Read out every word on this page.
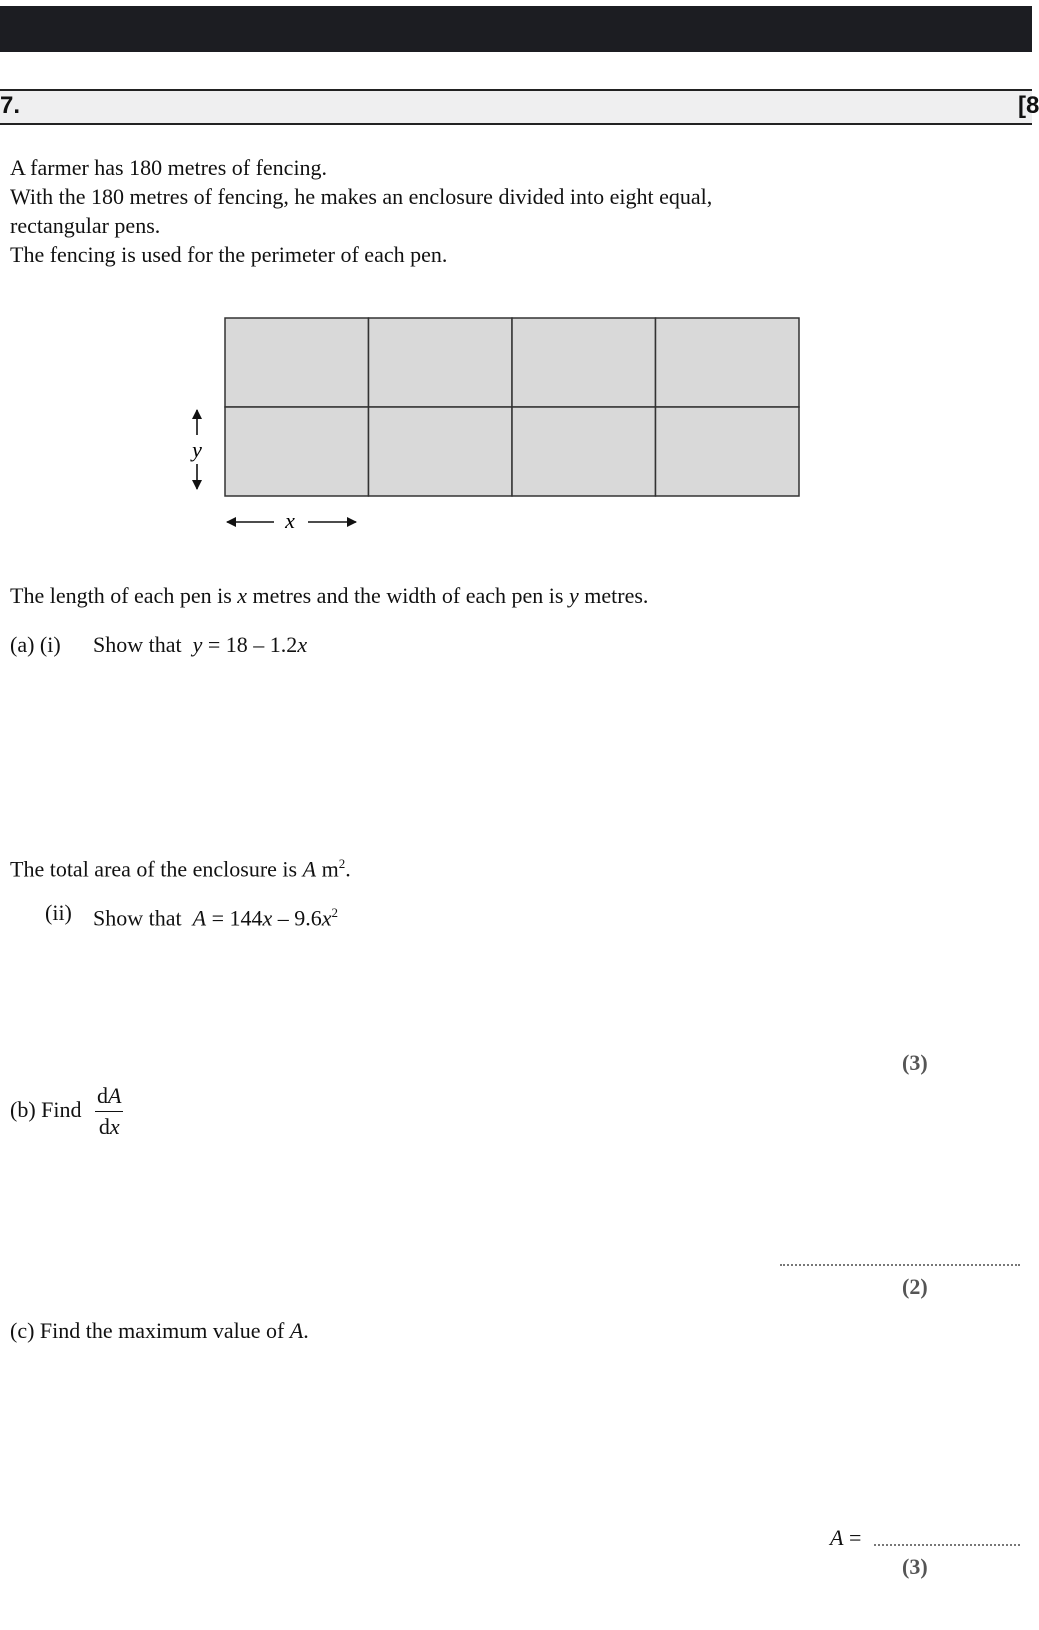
7.	[8
A farmer has 180 metres of fencing.
With the 180 metres of fencing, he makes an enclosure divided into eight equal,
rectangular pens.
The fencing is used for the perimeter of each pen.
y
x
The length of each pen is x metres and the width of each pen is y metres.
(a) (i) Show that y = 18 – 1.2x
The total area of the enclosure is A $m^2$.
(ii) Show that $A = 144x - 9.6x^2$
(3)
(b) Find $\frac{dA}{dx}$
(2)
(c) Find the maximum value of A.
A =
(3)
